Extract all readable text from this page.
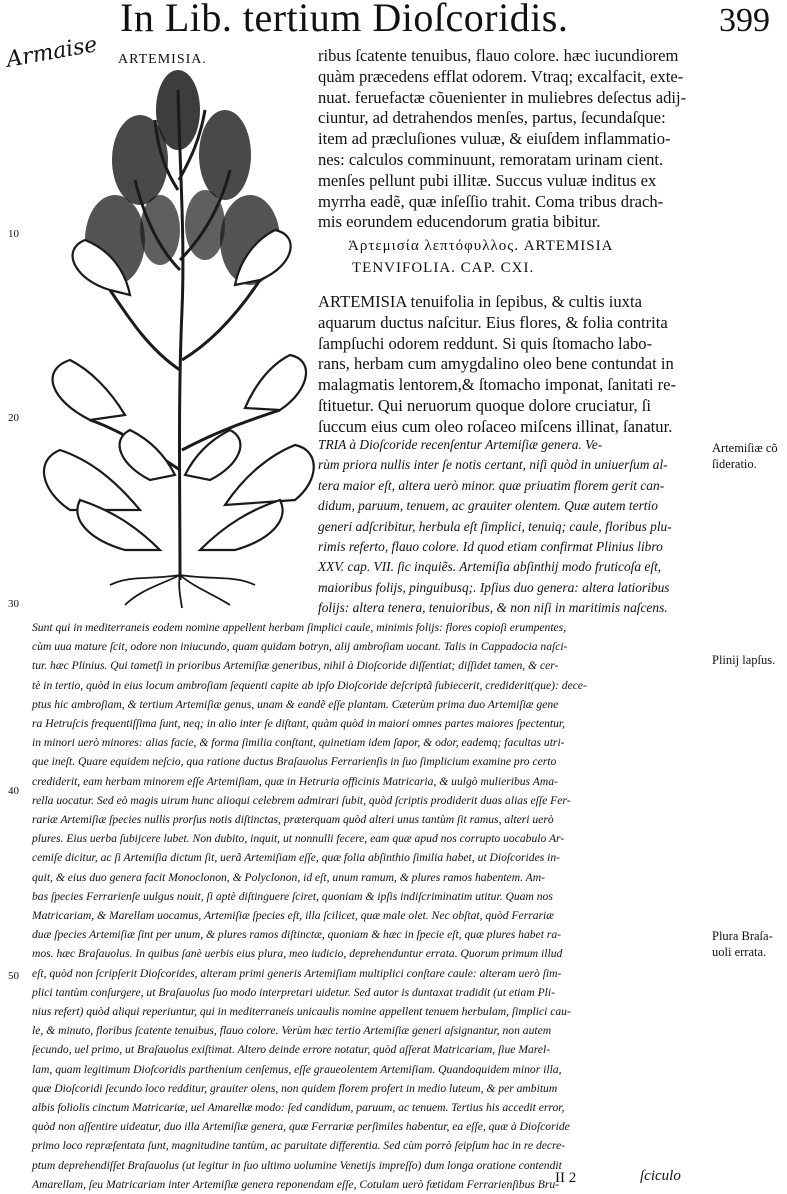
In Lib. tertium Dioſcoridis.	399
Armaise ARTEMISIA.
10
20
30
40
50
ribus ſcatente tenuibus, flauo colore. hæc iucundiorem
quàm præcedens efflat odorem. Vtraq; excalfacit, exte-
nuat. feruefactæ cõuenienter in muliebres deſectus adij-
ciuntur, ad detrahendos menſes, partus, ſecundaſque:
item ad præcluſiones vuluæ, & eiuſdem inflammatio-
nes: calculos comminuunt, remoratam urinam cient.
menſes pellunt pubi illitæ. Succus vuluæ inditus ex
myrrha eadẽ, quæ inſeſſio trahit. Coma tribus drach-
mis eorundem educendorum gratia bibitur.
Ἀρτεμισία λεπτόφυλλος. ARTEMISIA
TENVIFOLIA. CAP. CXI.
ARTEMISIA tenuifolia in ſepibus, & cultis iuxta
aquarum ductus naſcitur. Eius flores, & folia contrita
ſampſuchi odorem reddunt. Si quis ſtomacho labo-
rans, herbam cum amygdalino oleo bene contundat in
malagmatis lentorem,& ſtomacho imponat, ſanitati re-
ſtituetur. Qui neruorum quoque dolore cruciatur, ſi
ſuccum eius cum oleo roſaceo miſcens illinat, ſanatur.
TRIA à Dioſcoride recenſentur Artemiſiæ genera. Ve-
rùm priora nullis inter ſe notis certant, niſi quòd in uniuerſum al-
tera maior eſt, altera uerò minor. quæ priuatim florem gerit can-
didum, paruum, tenuem, ac grauiter olentem. Quæ autem tertio
generi adſcribitur, herbula eſt ſimplici, tenuiq; caule, floribus plu-
rimis referto, flauo colore. Id quod etiam confirmat Plinius libro
XXV. cap. VII. ſic inquiẽs. Artemiſia abſinthij modo fruticoſa eſt,
maioribus folijs, pinguibusq;. Ipſius duo genera: altera latioribus
folijs: altera tenera, tenuioribus, & non niſi in maritimis naſcens.
Sunt qui in mediterraneis eodem nomine appellent herbam ſimplici caule, minimis folijs: flores copioſi erumpentes,
cùm uua mature ſcit, odore non iniucundo, quam quidam botryn, alij ambroſiam uocant. Talis in Cappadocia naſci-
tur. hæc Plinius. Qui tametſi in prioribus Artemiſiæ generibus, nihil à Dioſcoride diſſentiat; diſſidet tamen, & cer-
tè in tertio, quòd in eius locum ambroſiam ſequenti capite ab ipſo Dioſcoride deſcriptã ſubiecerit, crediderit(que): dece-
ptus hic ambroſiam, & tertium Artemiſiæ genus, unam & eandẽ eſſe plantam. Cæterùm prima duo Artemiſiæ gene
ra Hetruſcis frequentiſſima ſunt, neq; in alio inter ſe diſtant, quàm quòd in maiori omnes partes maiores ſpectentur,
in minori uerò minores: alias facie, & forma ſimilia conſtant, quinetiam idem ſapor, & odor, eademq; facultas utri-
que ineſt. Quare equidem neſcio, qua ratione ductus Braſauolus Ferrarienſis in ſuo ſimplicium examine pro certo
crediderit, eam herbam minorem eſſe Artemiſiam, quæ in Hetruria officinis Matricaria, & uulgò mulieribus Ama-
rella uocatur. Sed eò magis uirum hunc alioqui celebrem admirari ſubit, quòd ſcriptis prodiderit duas alias eſſe Fer-
rariæ Artemiſiæ ſpecies nullis prorſus notis diſtinctas, præterquam quòd alteri unus tantùm ſit ramus, alteri uerò
plures. Eius uerba ſubijcere lubet. Non dubito, inquit, ut nonnulli fecere, eam quæ apud nos corrupto uocabulo Ar-
cemiſe dicitur, ac ſi Artemiſia dictum ſit, uerã Artemiſiam eſſe, quæ folia abſinthio ſimilia habet, ut Dioſcorides in-
quit, & eius duo genera facit Monoclonon, & Polyclonon, id eſt, unum ramum, & plures ramos habentem. Am-
bas ſpecies Ferrarienſe uulgus nouit, ſi aptè diſtinguere ſciret, quoniam & ipſis indiſcriminatim utitur. Quam nos
Matricariam, & Marellam uocamus, Artemiſiæ ſpecies eſt, illa ſcilicet, quæ male olet. Nec obſtat, quòd Ferrariæ
duæ ſpecies Artemiſiæ ſint per unum, & plures ramos diſtinctæ, quoniam & hæc in ſpecie eſt, quæ plures habet ra-
mos. hæc Braſauolus. In quibus ſanè uerbis eius plura, meo iudicio, deprehenduntur errata. Quorum primum illud
eſt, quòd non ſcripſerit Dioſcorides, alteram primi generis Artemiſiam multiplici conſtare caule: alteram uerò ſim-
plici tantùm conſurgere, ut Braſauolus ſuo modo interpretari uidetur. Sed autor is duntaxat tradidit (ut etiam Pli-
nius refert) quòd aliqui reperiuntur, qui in mediterraneis unicaulis nomine appellent tenuem herbulam, ſimplici cau-
le, & minuto, floribus ſcatente tenuibus, flauo colore. Verùm hæc tertio Artemiſiæ generi aſsignantur, non autem
ſecundo, uel primo, ut Braſauolus exiſtimat. Altero deinde errore notatur, quòd aſſerat Matricariam, ſiue Marel-
lam, quam legitimum Dioſcoridis parthenium cenſemus, eſſe graueolentem Artemiſiam. Quandoquidem minor illa,
quæ Dioſcoridi ſecundo loco redditur, grauiter olens, non quidem florem profert in medio luteum, & per ambitum
albis foliolis cinctum Matricariæ, uel Amarellæ modo: ſed candidum, paruum, ac tenuem. Tertius his accedit error,
quòd non aſſentire uideatur, duo illa Artemiſiæ genera, quæ Ferrariæ perſimiles habentur, ea eſſe, quæ à Dioſcoride
primo loco repræſentata ſunt, magnitudine tantùm, ac paruitate differentia. Sed cùm porrò ſeipſum hac in re decre-
ptum deprehendiſſet Braſauolus (ut legitur in ſuo ultimo uolumine Venetijs impreſſo) dum longa oratione contendit
Amarellam, ſeu Matricariam inter Artemiſiæ genera reponendam eſſe, Cotulam uerò fœtidam Ferrarienſibus Bru-
Artemiſiæ cõ
ſideratio.
Plinij lapſus.
Plura Braſa-
uoli errata.
II 2	ſciculo
